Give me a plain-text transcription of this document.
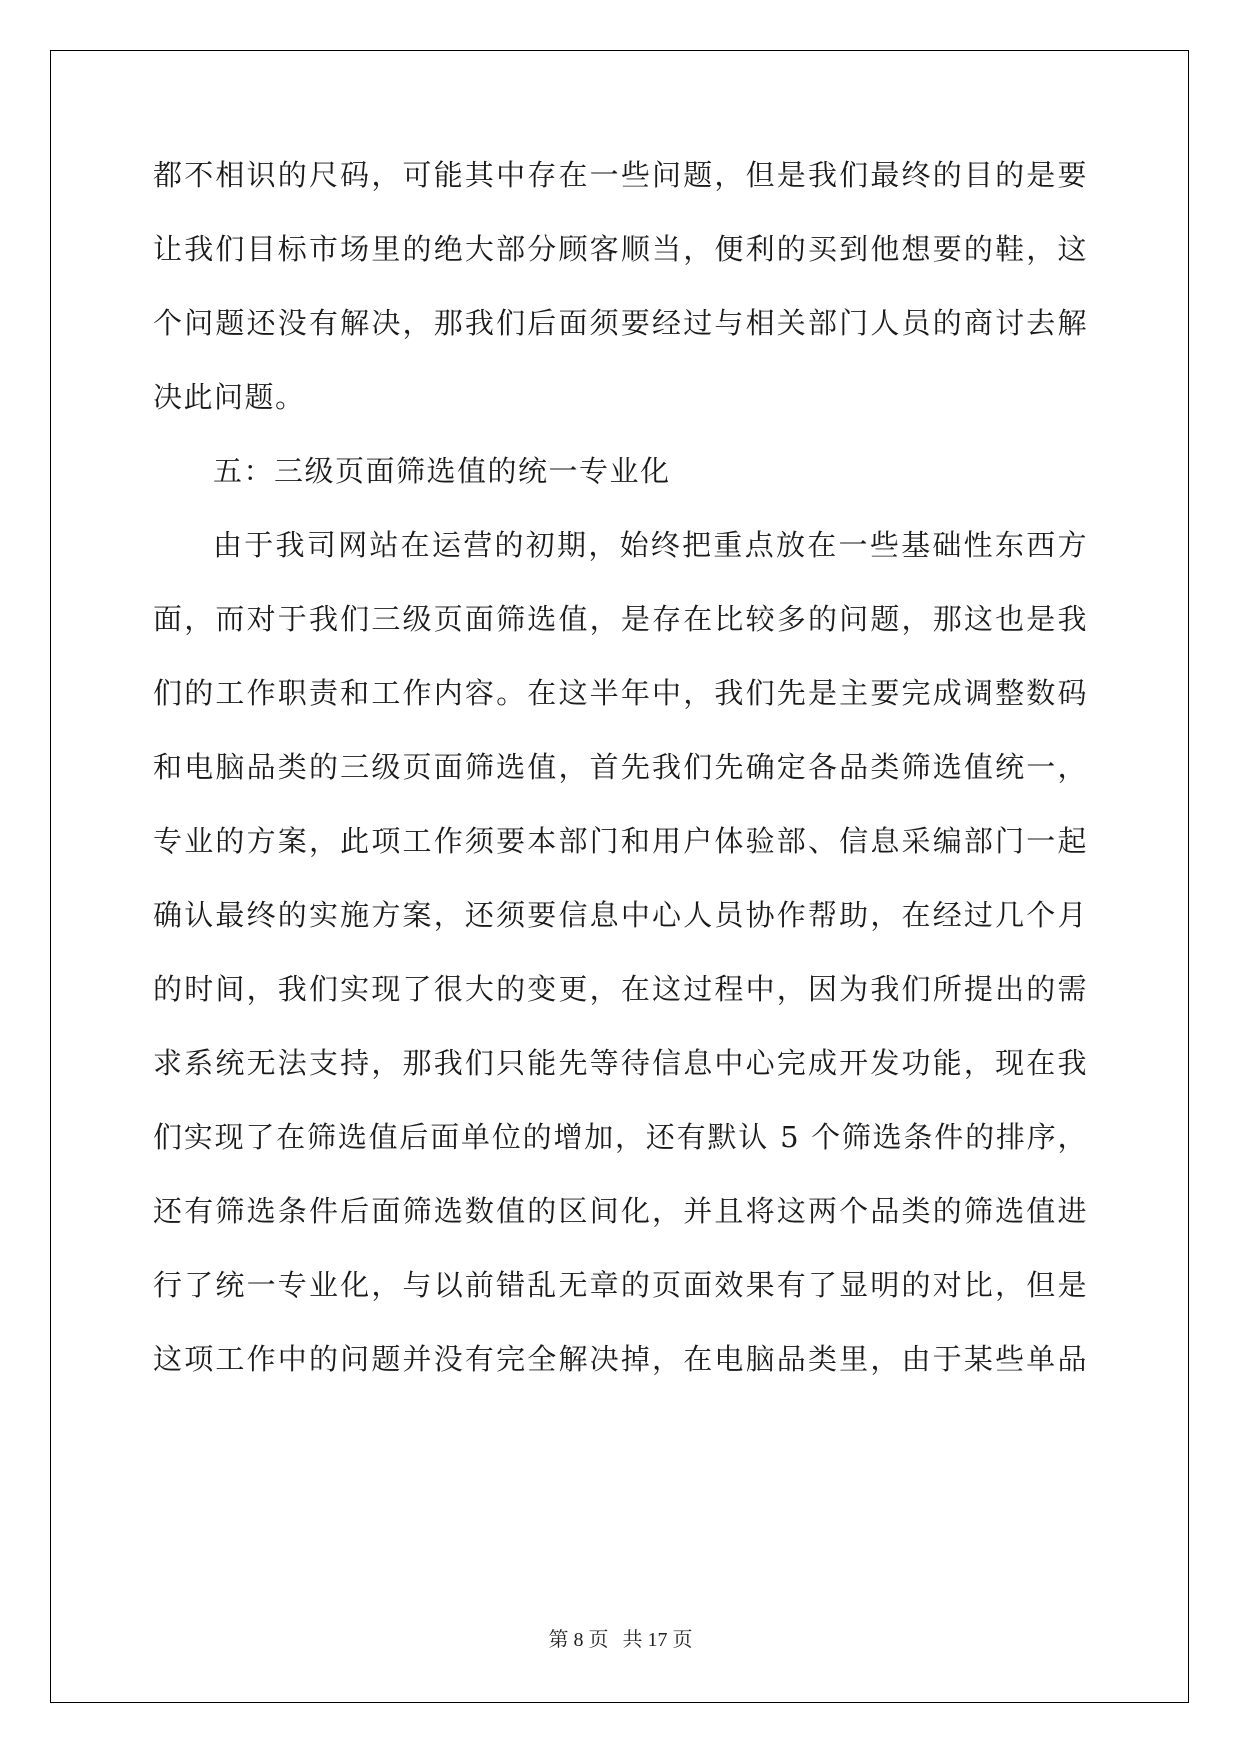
都不相识的尺码，可能其中存在一些问题，但是我们最终的目的是要
让我们目标市场里的绝大部分顾客顺当，便利的买到他想要的鞋，这
个问题还没有解决，那我们后面须要经过与相关部门人员的商讨去解
决此问题。
五：三级页面筛选值的统一专业化
由于我司网站在运营的初期，始终把重点放在一些基础性东西方
面，而对于我们三级页面筛选值，是存在比较多的问题，那这也是我
们的工作职责和工作内容。在这半年中，我们先是主要完成调整数码
和电脑品类的三级页面筛选值，首先我们先确定各品类筛选值统一，
专业的方案，此项工作须要本部门和用户体验部、信息采编部门一起
确认最终的实施方案，还须要信息中心人员协作帮助，在经过几个月
的时间，我们实现了很大的变更，在这过程中，因为我们所提出的需
求系统无法支持，那我们只能先等待信息中心完成开发功能，现在我
们实现了在筛选值后面单位的增加，还有默认 5 个筛选条件的排序，
还有筛选条件后面筛选数值的区间化，并且将这两个品类的筛选值进
行了统一专业化，与以前错乱无章的页面效果有了显明的对比，但是
这项工作中的问题并没有完全解决掉，在电脑品类里，由于某些单品
第 8 页 共 17 页
